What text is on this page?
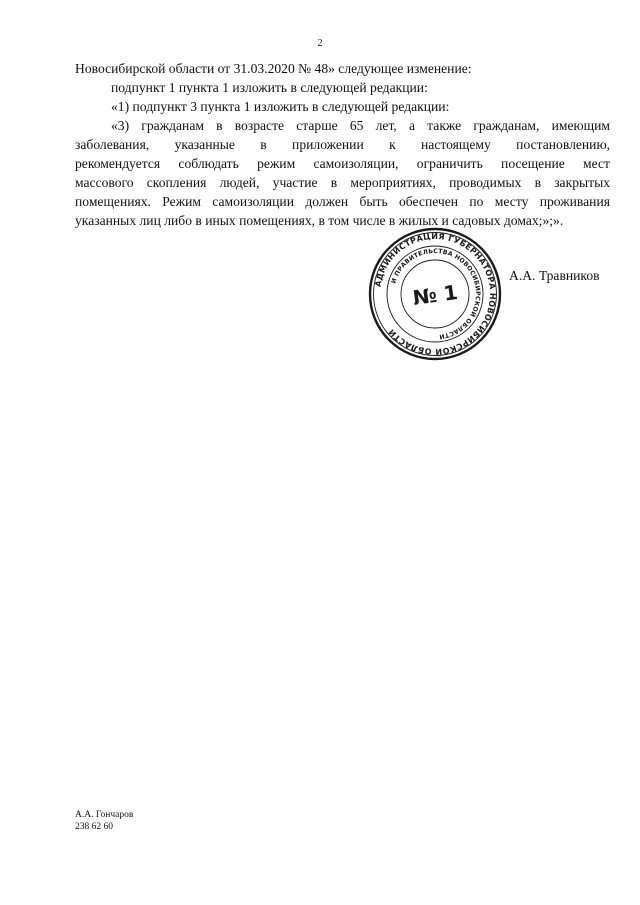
2
Новосибирской области от 31.03.2020 № 48» следующее изменение:
подпункт 1 пункта 1 изложить в следующей редакции:
«1) подпункт 3 пункта 1 изложить в следующей редакции:
«3) гражданам в возрасте старше 65 лет, а также гражданам, имеющим
заболевания, указанные в приложении к настоящему постановлению,
рекомендуется соблюдать режим самоизоляции, ограничить посещение мест
массового скопления людей, участие в мероприятиях, проводимых в закрытых
помещениях. Режим самоизоляции должен быть обеспечен по месту проживания
указанных лиц либо в иных помещениях, в том числе в жилых и садовых домах;»;».
АДМИНИСТРАЦИЯ ГУБЕРНАТОРА НОВОСИБИРСКОЙ ОБЛАСТИ
И ПРАВИТЕЛЬСТВА НОВОСИБИРСКОЙ ОБЛАСТИ
№ 1
А.А. Травников
А.А. Гончаров
238 62 60
